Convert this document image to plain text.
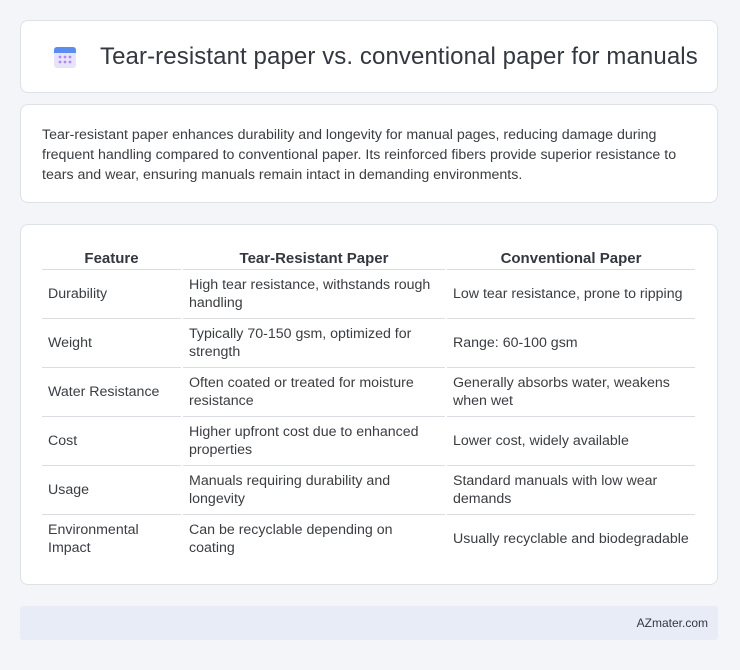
Tear-resistant paper vs. conventional paper for manuals

Tear-resistant paper enhances durability and longevity for manual pages, reducing damage during frequent handling compared to conventional paper. Its reinforced fibers provide superior resistance to tears and wear, ensuring manuals remain intact in demanding environments.

Feature	Tear-Resistant Paper	Conventional Paper
Durability	High tear resistance, withstands rough handling	Low tear resistance, prone to ripping
Weight	Typically 70-150 gsm, optimized for strength	Range: 60-100 gsm
Water Resistance	Often coated or treated for moisture resistance	Generally absorbs water, weakens when wet
Cost	Higher upfront cost due to enhanced properties	Lower cost, widely available
Usage	Manuals requiring durability and longevity	Standard manuals with low wear demands
Environmental Impact	Can be recyclable depending on coating	Usually recyclable and biodegradable
AZmater.com
